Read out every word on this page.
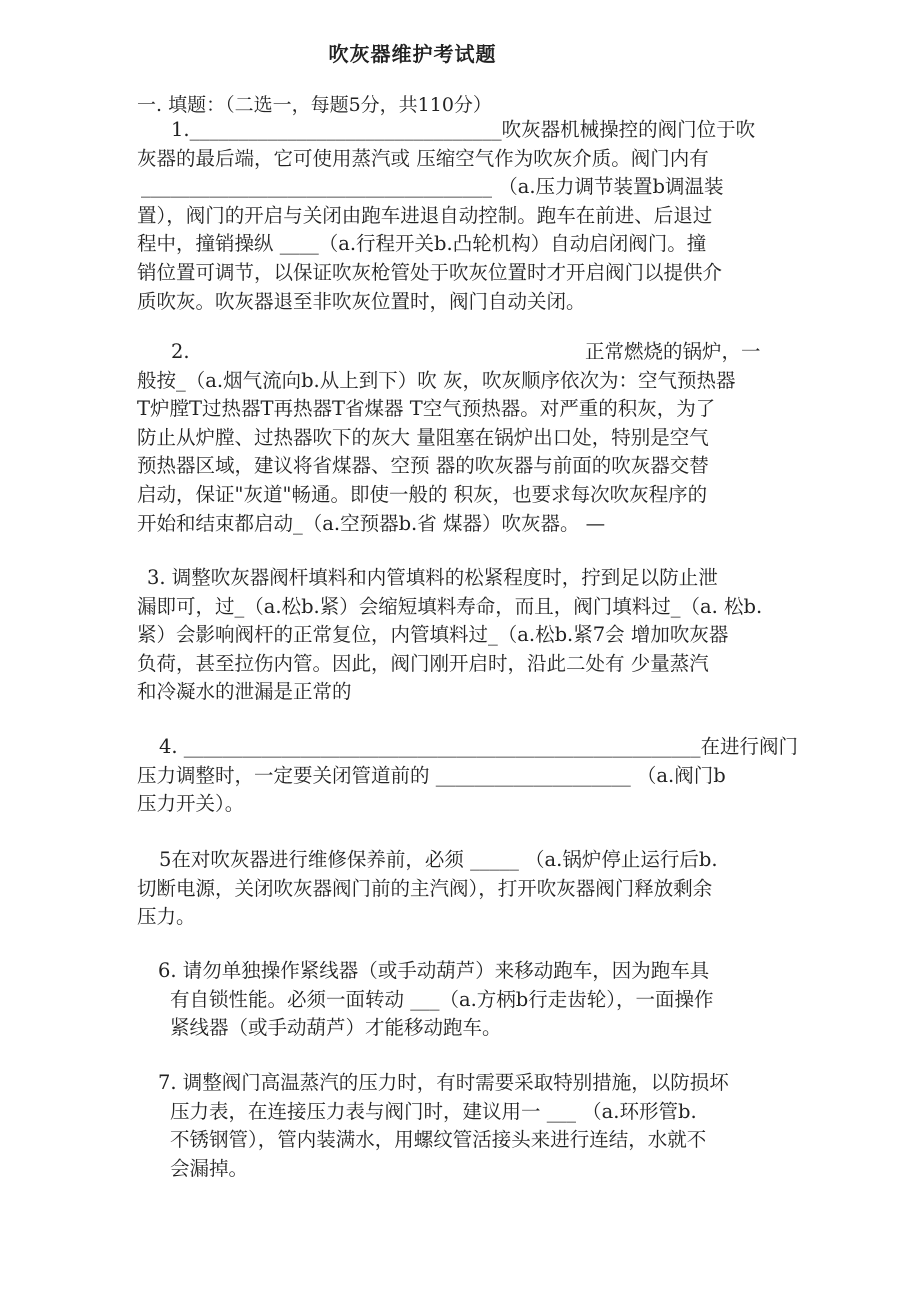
吹灰器维护考试题
一. 填题：（二选一，每题5分，共110分）
1.________________________________吹灰器机械操控的阀门位于吹
灰器的最后端，它可使用蒸汽或 压缩空气作为吹灰介质。阀门内有
____________________________________ （a.压力调节装置b调温装
置），阀门的开启与关闭由跑车进退自动控制。跑车在前进、后退过
程中，撞销操纵 ____（a.行程开关b.凸轮机构）自动启闭阀门。撞
销位置可调节，以保证吹灰枪管处于吹灰位置时才开启阀门以提供介
质吹灰。吹灰器退至非吹灰位置时，阀门自动关闭。
2.	正常燃烧的锅炉，一
般按_（a.烟气流向b.从上到下）吹 灰，吹灰顺序依次为：空气预热器
T炉膛T过热器T再热器T省煤器 T空气预热器。对严重的积灰，为了
防止从炉膛、过热器吹下的灰大 量阻塞在锅炉出口处，特别是空气
预热器区域，建议将省煤器、空预 器的吹灰器与前面的吹灰器交替
启动，保证"灰道"畅通。即使一般的 积灰，也要求每次吹灰程序的
开始和结束都启动_（a.空预器b.省 煤器）吹灰器。 —
3. 调整吹灰器阀杆填料和内管填料的松紧程度时，拧到足以防止泄
漏即可，过_（a.松b.紧）会缩短填料寿命，而且，阀门填料过_（a. 松b.
紧）会影响阀杆的正常复位，内管填料过_（a.松b.紧7会 增加吹灰器
负荷，甚至拉伤内管。因此，阀门刚开启时，沿此二处有 少量蒸汽
和冷凝水的泄漏是正常的
4. _____________________________________________________在进行阀门
压力调整时，一定要关闭管道前的 ____________________ （a.阀门b
压力开关）。
5在对吹灰器进行维修保养前，必须 _____ （a.锅炉停止运行后b.
切断电源，关闭吹灰器阀门前的主汽阀），打开吹灰器阀门释放剩余
压力。
6. 请勿单独操作紧线器（或手动葫芦）来移动跑车，因为跑车具
有自锁性能。必须一面转动 ___（a.方柄b行走齿轮），一面操作
紧线器（或手动葫芦）才能移动跑车。
7. 调整阀门高温蒸汽的压力时，有时需要采取特别措施，以防损坏
压力表，在连接压力表与阀门时，建议用一 ___ （a.环形管b.
不锈钢管），管内装满水，用螺纹管活接头来进行连结，水就不
会漏掉。
